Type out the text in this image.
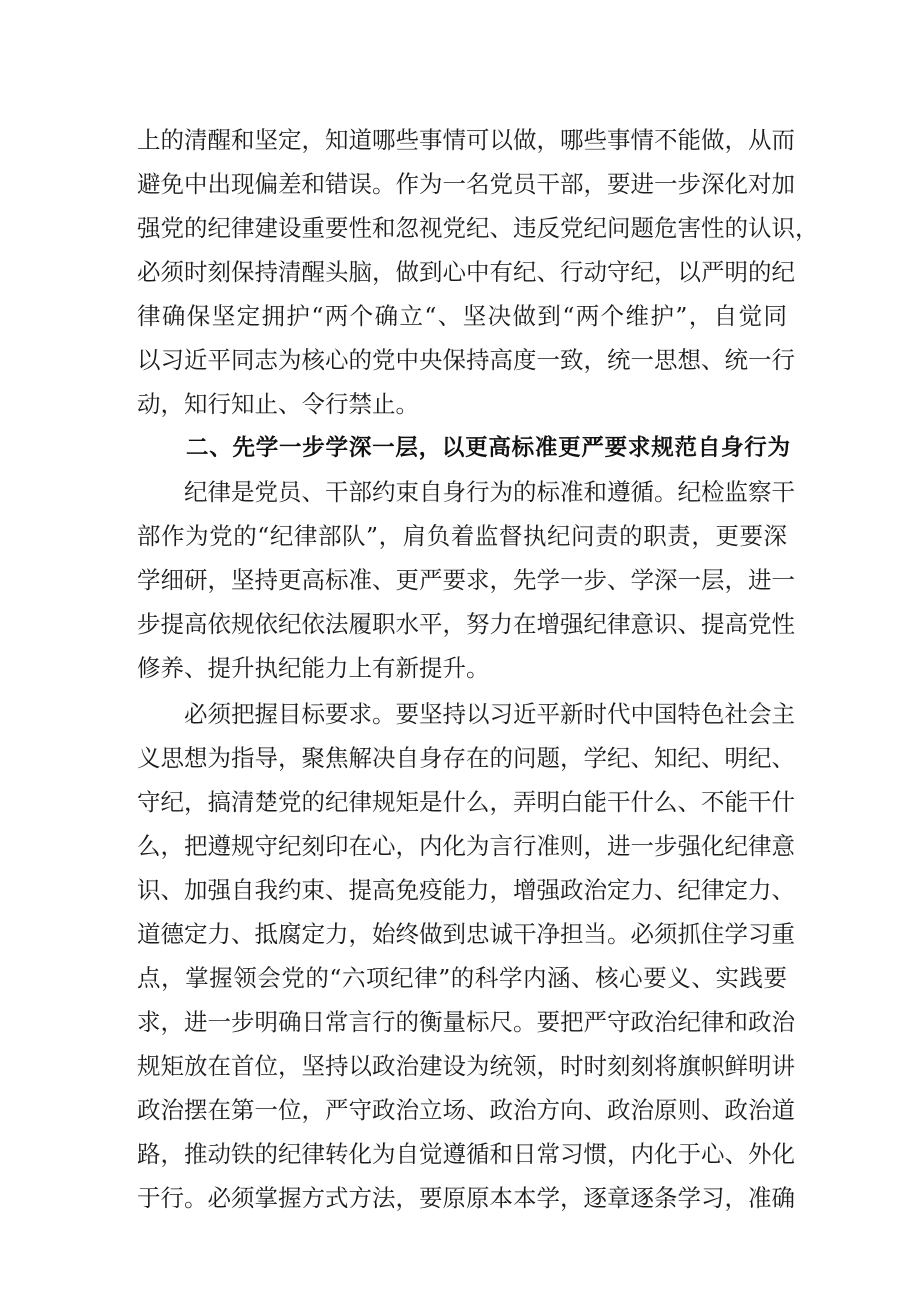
上的清醒和坚定，知道哪些事情可以做，哪些事情不能做，从而
避免中出现偏差和错误。作为一名党员干部，要进一步深化对加
强党的纪律建设重要性和忽视党纪、违反党纪问题危害性的认识，
必须时刻保持清醒头脑，做到心中有纪、行动守纪，以严明的纪
律确保坚定拥护“两个确立“、坚决做到“两个维护”，自觉同
以习近平同志为核心的党中央保持高度一致，统一思想、统一行
动，知行知止、令行禁止。
二、先学一步学深一层，以更高标准更严要求规范自身行为
纪律是党员、干部约束自身行为的标准和遵循。纪检监察干
部作为党的“纪律部队”，肩负着监督执纪问责的职责，更要深
学细研，坚持更高标准、更严要求，先学一步、学深一层，进一
步提高依规依纪依法履职水平，努力在增强纪律意识、提高党性
修养、提升执纪能力上有新提升。
必须把握目标要求。要坚持以习近平新时代中国特色社会主
义思想为指导，聚焦解决自身存在的问题，学纪、知纪、明纪、
守纪，搞清楚党的纪律规矩是什么，弄明白能干什么、不能干什
么，把遵规守纪刻印在心，内化为言行准则，进一步强化纪律意
识、加强自我约束、提高免疫能力，增强政治定力、纪律定力、
道德定力、抵腐定力，始终做到忠诚干净担当。必须抓住学习重
点，掌握领会党的“六项纪律”的科学内涵、核心要义、实践要
求，进一步明确日常言行的衡量标尺。要把严守政治纪律和政治
规矩放在首位，坚持以政治建设为统领，时时刻刻将旗帜鲜明讲
政治摆在第一位，严守政治立场、政治方向、政治原则、政治道
路，推动铁的纪律转化为自觉遵循和日常习惯，内化于心、外化
于行。必须掌握方式方法，要原原本本学，逐章逐条学习，准确
